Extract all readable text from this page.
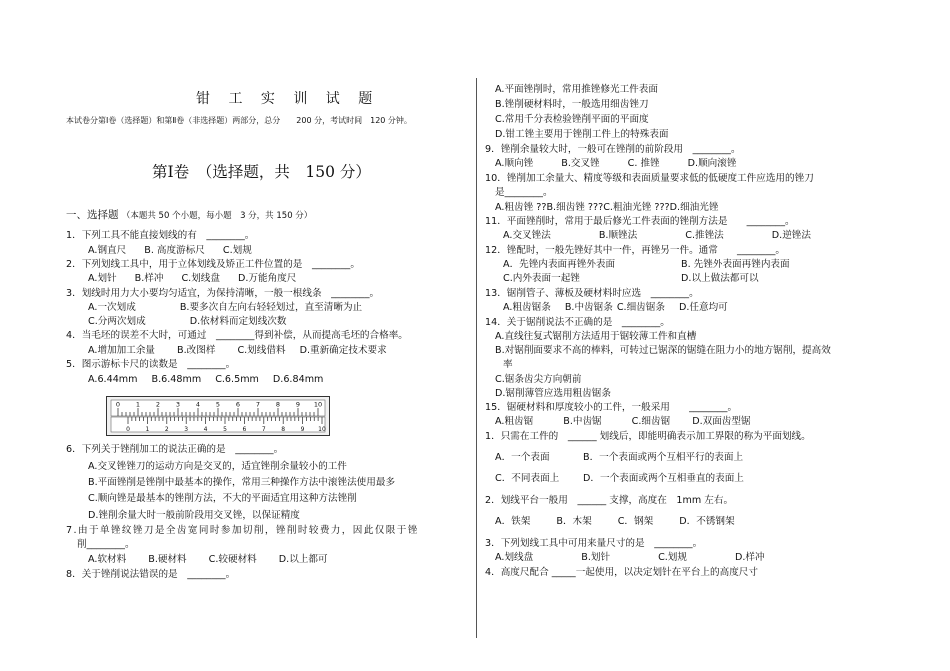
钳 工 实 训 试 题
本试卷分第Ⅰ卷（选择题）和第Ⅱ卷（非选择题）两部分，总分　　200 分，考试时间　120 分钟。
第Ⅰ卷　（选择题，共　150 分）
一、选择题 （本题共 50 个小题，每小题　3 分，共 150 分）
1．下列工具不能直接划线的有　________。
A.钢直尺 B. 高度游标尺 C.划规
2．下列划线工具中，用于立体划线及矫正工件位置的是　________。
A.划针 B.样冲 C.划线盘 D.万能角度尺
3．划线时用力大小要均匀适宜，为保持清晰，一般一根线条　________。
A.一次划成	B.要多次自左向右轻轻划过，直至清晰为止
C.分两次划成	D.依材料而定划线次数
4．当毛坯的误差不大时，可通过　________得到补偿，从而提高毛坯的合格率。
A.增加加工余量 B.改图样 C.划线借料 D.重新确定技术要求
5．图示游标卡尺的读数是　________。
A.6.44mm B.6.48mm C.6.5mm D.6.84mm
6．下列关于锉削加工的说法正确的是　________。
A.交叉锉锉刀的运动方向是交叉的，适宜锉削余量较小的工件
B.平面锉削是锉削中最基本的操作，常用三种操作方法中滚锉法使用最多
C.顺向锉是最基本的锉削方法，不大的平面适宜用这种方法锉削
D.锉削余量大时一般前阶段用交叉锉，以保证精度
7.由于单锉纹锉刀是全齿宽同时参加切削，锉削时较费力，因此仅限于锉
削________。
A.软材料 B.硬材料 C.较硬材料 D.以上都可
8．关于锉削说法错误的是　________。
0 1 2 3 4 5 6 7 8 9 10
0	1	2	3	4	5	6	7	8	9 10
A.平面锉削时，常用推锉修光工件表面
B.锉削硬材料时，一般选用细齿锉刀
C.常用千分表检验锉削平面的平面度
D.钳工锉主要用于锉削工件上的特殊表面
9．锉削余量较大时，一般可在锉削的前阶段用　________。
A.顺向锉	B.交叉锉	C. 推锉	D.顺向滚锉
10．锉削加工余量大、精度等级和表面质量要求低的低硬度工件应选用的锉刀
是________。
A.粗齿锉 ??B.细齿锉 ???C.粗油光锉 ???D.细油光锉
11．平面锉削时，常用于最后修光工件表面的锉削方法是　　________。
A.交叉锉法	B.顺锉法	C.推锉法	D.逆锉法
12．锉配时，一般先锉好其中一件，再锉另一件。通常　　________。
A．先锉内表面再锉外表面	B. 先锉外表面再锉内表面
C.内外表面一起锉	D.以上做法都可以
13．锯削管子、薄板及硬材料时应选　________。
A.粗齿锯条 B.中齿锯条 C.细齿锯条 D.任意均可
14．关于锯削说法不正确的是　________。
A.直线往复式锯削方法适用于锯较薄工件和直槽
B.对锯削面要求不高的棒料，可转过已锯深的锯缝在阻力小的地方锯削，提高效
率
C.锯条齿尖方向朝前
D.锯削薄管应选用粗齿锯条
15．锯硬材料和厚度较小的工件，一般采用　　________。
A.粗齿锯	B.中齿锯	C.细齿锯 D.双面齿型锯
1．只需在工件的　______ 划线后，即能明确表示加工界限的称为平面划线。
A．一个表面	B．一个表面或两个互相平行的表面上
C．不同表面上 D．一个表面或两个互相垂直的表面上
2．划线平台一般用　______ 支撑，高度在　1mm 左右。
A．铁架	B．木架	C．钢架	D．不锈钢架
3．下列划线工具中可用来量尺寸的是　________。
A.划线盘	B.划针	C.划规	D.样冲
4．高度尺配合 _____一起使用，以决定划针在平台上的高度尺寸
